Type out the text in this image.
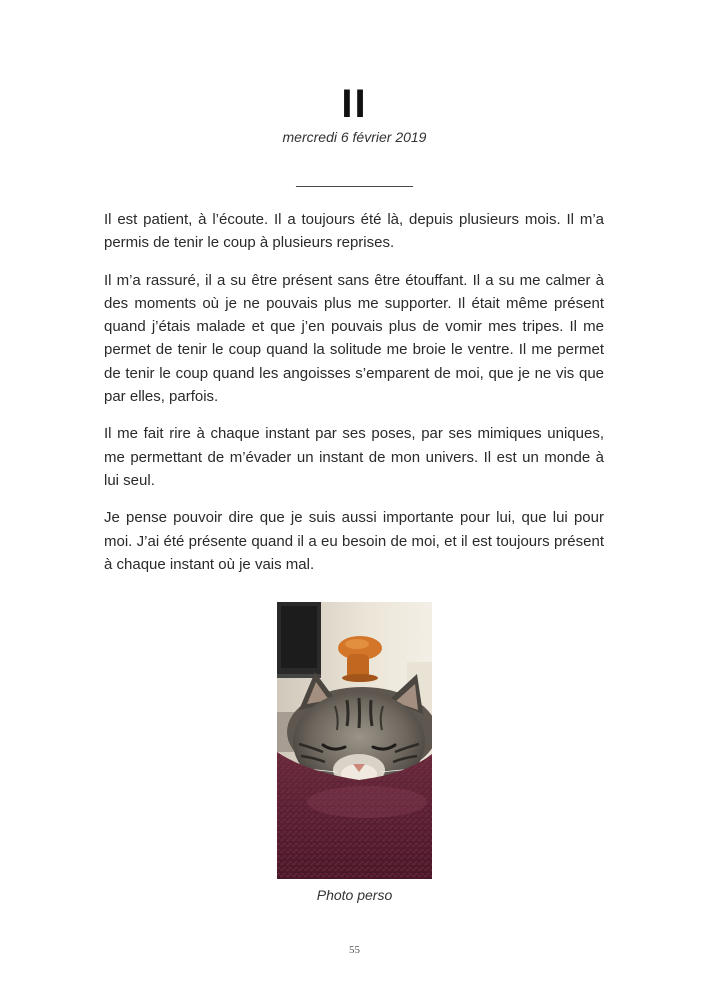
II
mercredi 6 février 2019
_______________

Il est patient, à l’écoute. Il a toujours été là, depuis plusieurs mois. Il m’a permis de tenir le coup à plusieurs reprises.

Il m’a rassuré, il a su être présent sans être étouffant. Il a su me calmer à des moments où je ne pouvais plus me supporter. Il était même présent quand j’étais malade et que j’en pouvais plus de vomir mes tripes. Il me permet de tenir le coup quand la solitude me broie le ventre. Il me permet de tenir le coup quand les angoisses s’emparent de moi, que je ne vis que par elles, parfois.

Il me fait rire à chaque instant par ses poses, par ses mimiques uniques, me permettant de m’évader un instant de mon univers. Il est un monde à lui seul.

Je pense pouvoir dire que je suis aussi importante pour lui, que lui pour moi. J’ai été présente quand il a eu besoin de moi, et il est toujours présent à chaque instant où je vais mal.

Photo perso
55
